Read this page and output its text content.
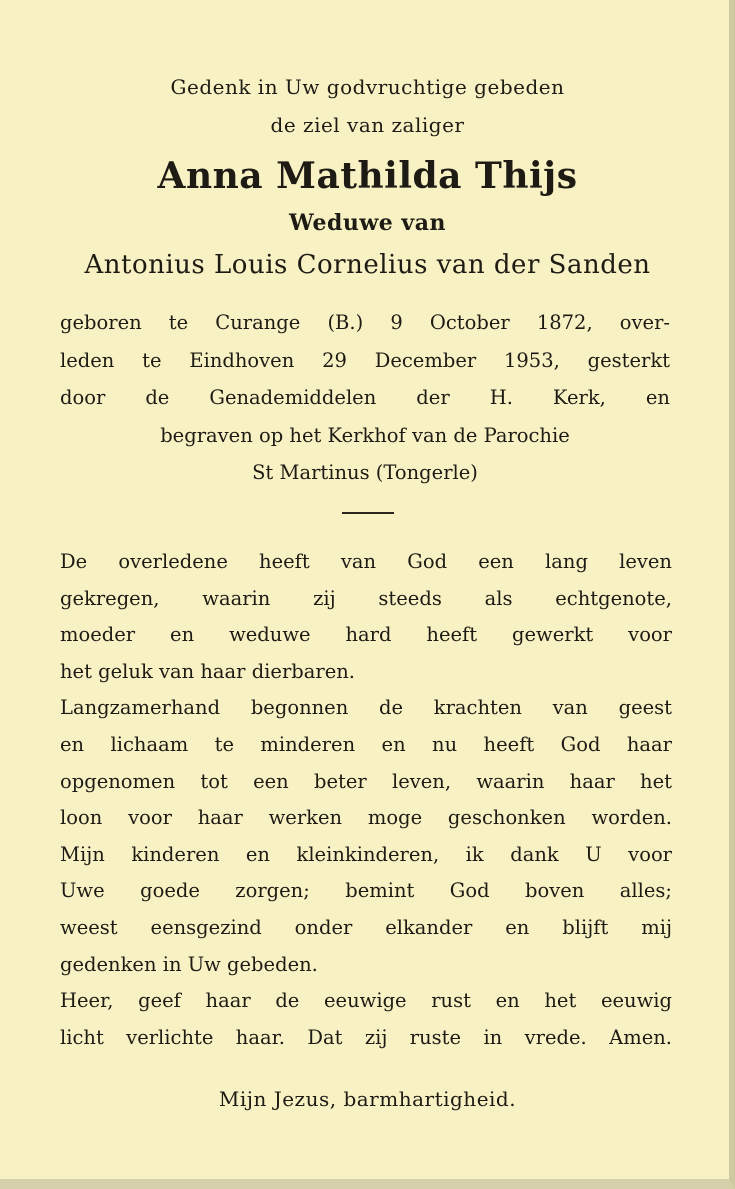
Gedenk in Uw godvruchtige gebeden

de ziel van zaliger

Anna Mathilda Thijs

Weduwe van

Antonius Louis Cornelius van der Sanden

geboren te Curange (B.) 9 October 1872, over-
leden te Eindhoven 29 December 1953, gesterkt
door de Genademiddelen der H. Kerk, en
begraven op het Kerkhof van de Parochie
St Martinus (Tongerle)
De overledene heeft van God een lang leven
gekregen, waarin zij steeds als echtgenote,
moeder en weduwe hard heeft gewerkt voor
het geluk van haar dierbaren.
Langzamerhand begonnen de krachten van geest
en lichaam te minderen en nu heeft God haar
opgenomen tot een beter leven, waarin haar het
loon voor haar werken moge geschonken worden.
Mijn kinderen en kleinkinderen, ik dank U voor
Uwe goede zorgen; bemint God boven alles;
weest eensgezind onder elkander en blijft mij
gedenken in Uw gebeden.
Heer, geef haar de eeuwige rust en het eeuwig
licht verlichte haar. Dat zij ruste in vrede. Amen.

Mijn Jezus, barmhartigheid.
